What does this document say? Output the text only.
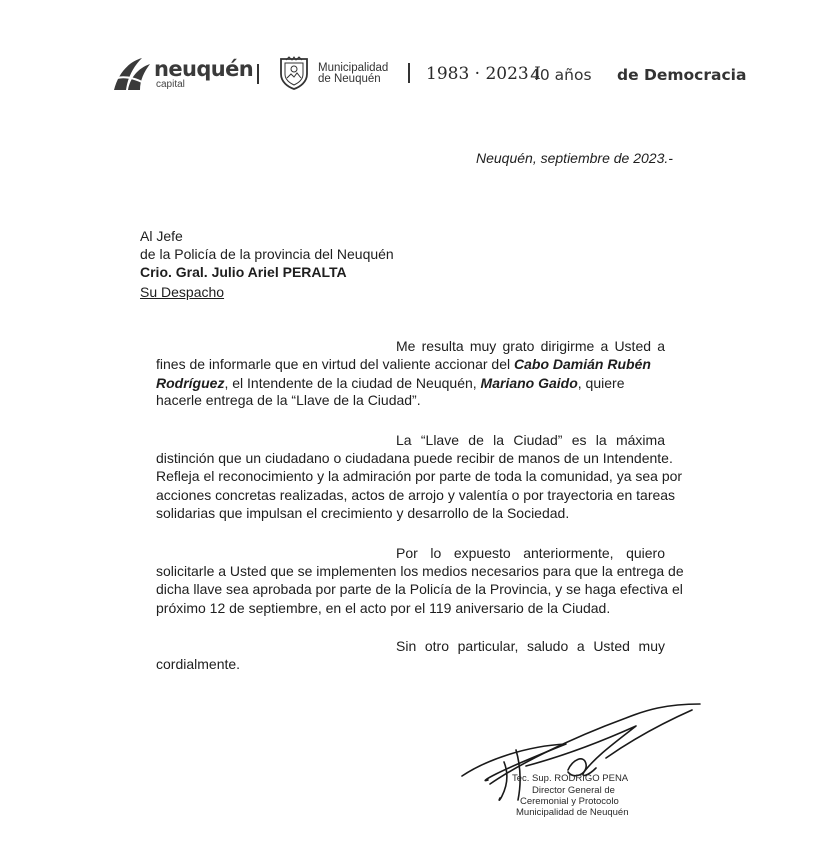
neuquén
capital
Municipalidad
de Neuquén	1983 · 2023 I
40 años de Democracia
Neuquén, septiembre de 2023.-
Al Jefe
de la Policía de la provincia del Neuquén
Crio. Gral. Julio Ariel PERALTA
Su Despacho
Me resulta muy grato dirigirme a Usted a
fines de informarle que en virtud del valiente accionar del Cabo Damián Rubén
Rodríguez, el Intendente de la ciudad de Neuquén, Mariano Gaido, quiere
hacerle entrega de la “Llave de la Ciudad”.
La “Llave de la Ciudad” es la máxima
distinción que un ciudadano o ciudadana puede recibir de manos de un Intendente.
Refleja el reconocimiento y la admiración por parte de toda la comunidad, ya sea por
acciones concretas realizadas, actos de arrojo y valentía o por trayectoria en tareas
solidarias que impulsan el crecimiento y desarrollo de la Sociedad.
Por lo expuesto anteriormente, quiero
solicitarle a Usted que se implementen los medios necesarios para que la entrega de
dicha llave sea aprobada por parte de la Policía de la Provincia, y se haga efectiva el
próximo 12 de septiembre, en el acto por el 119 aniversario de la Ciudad.
Sin otro particular, saludo a Usted muy
cordialmente.
Tec. Sup. RODRIGO PENA
Director General de
Ceremonial y Protocolo
Municipalidad de Neuquén
